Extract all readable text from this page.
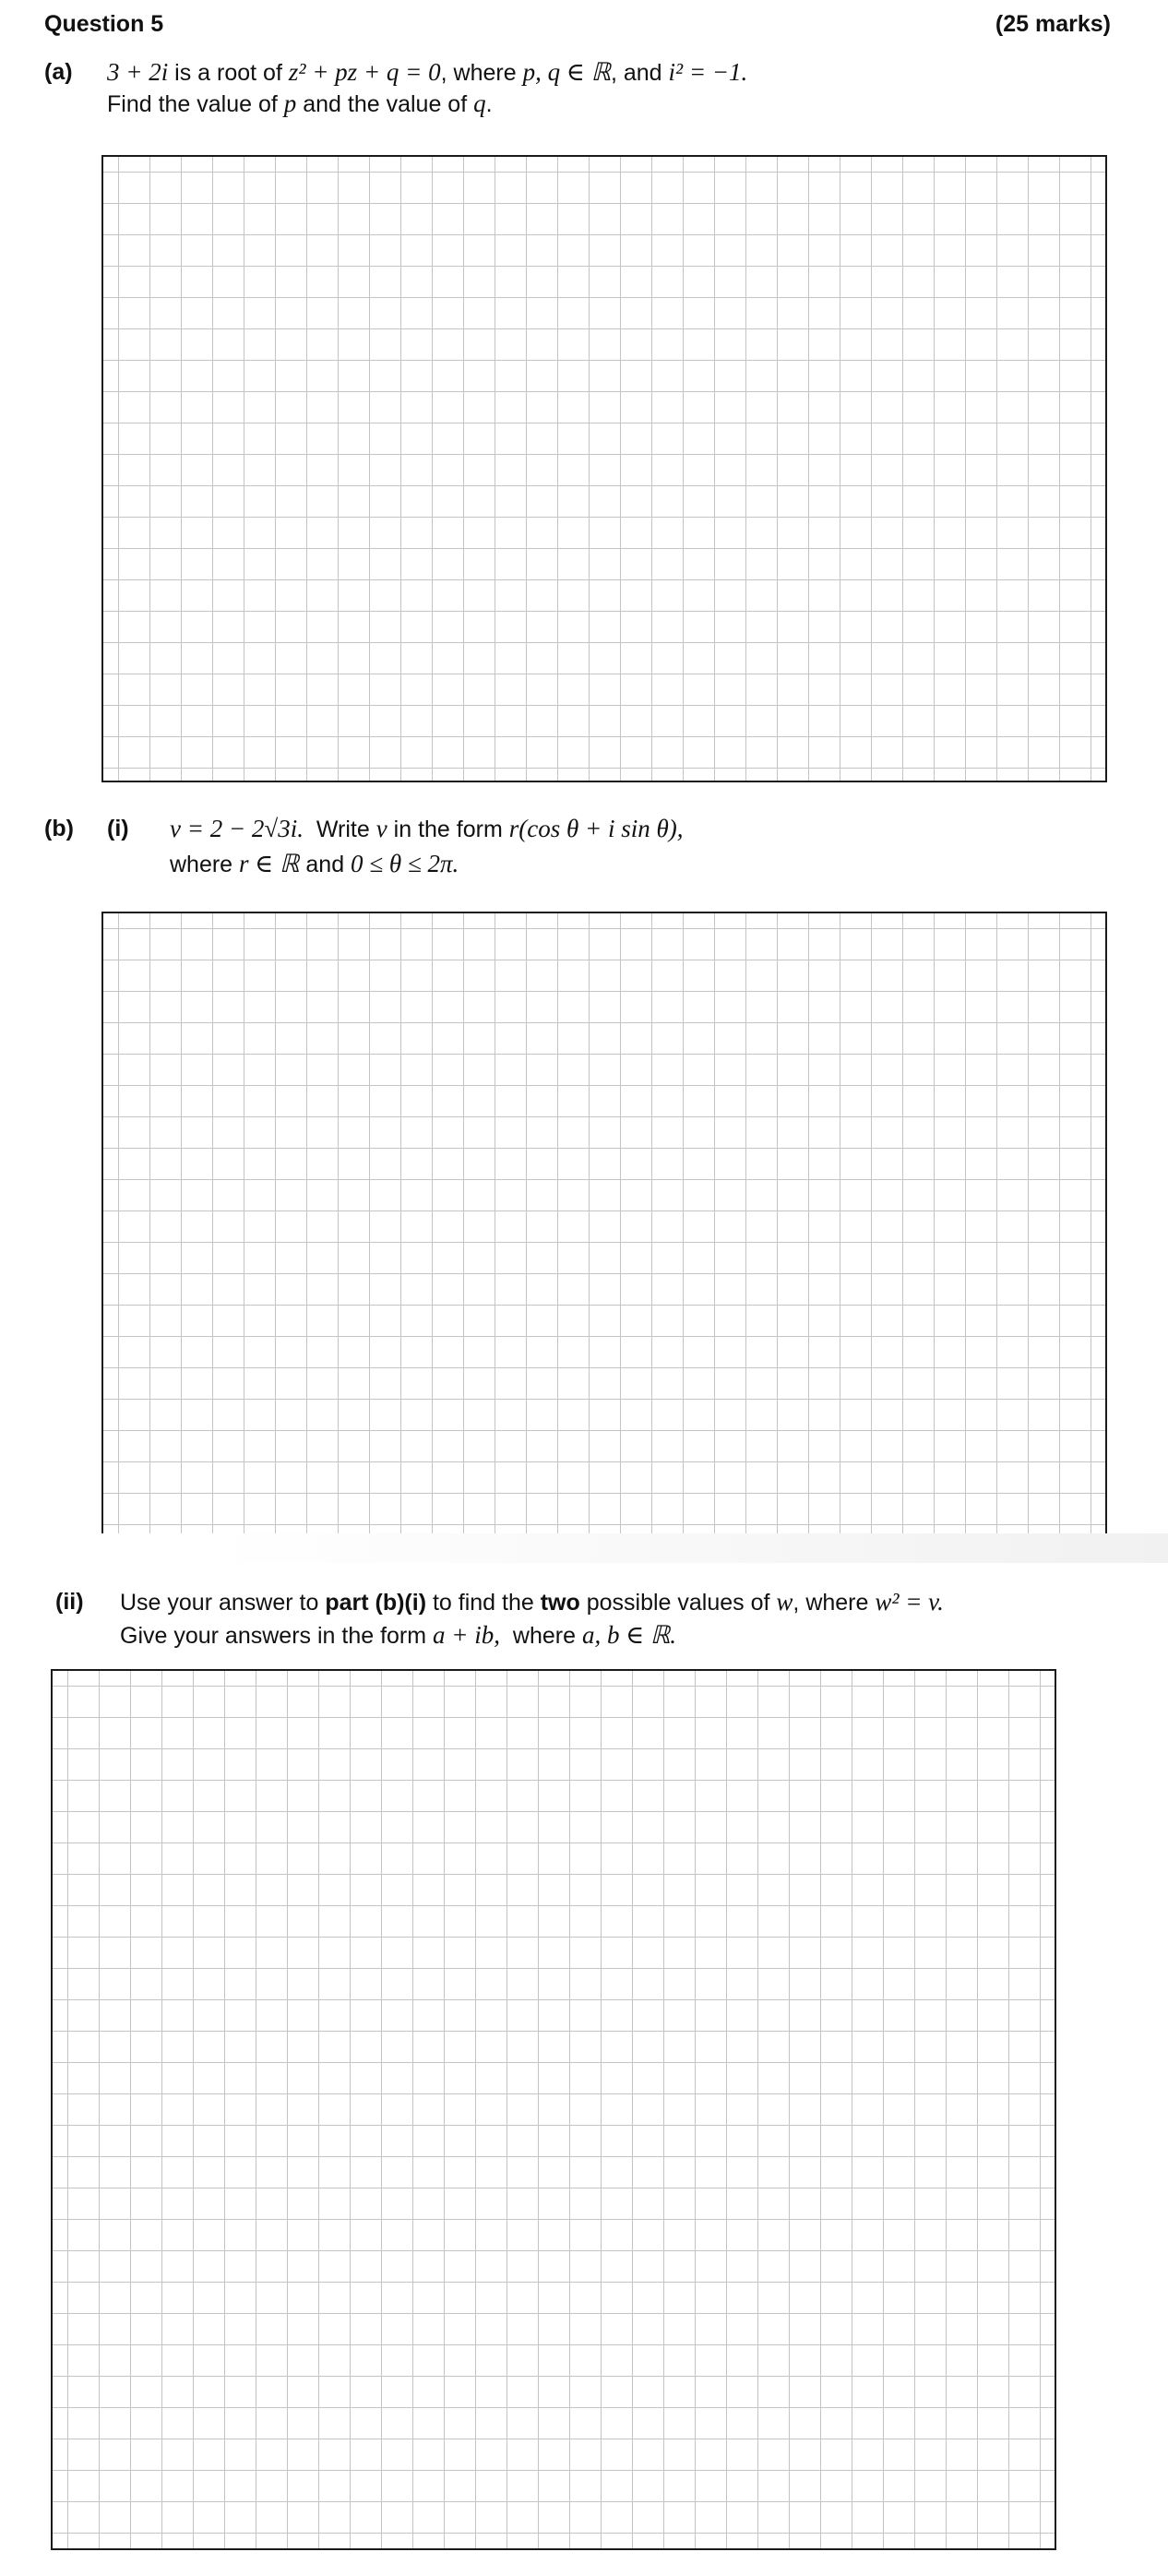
Question 5	(25 marks)
(a) 3 + 2i is a root of z² + pz + q = 0, where p, q ∈ ℝ, and i² = −1.
Find the value of p and the value of q.
(b) (i) v = 2 − 2√3i. Write v in the form r(cos θ + i sin θ),
where r ∈ ℝ and 0 ≤ θ ≤ 2π.
(ii) Use your answer to part (b)(i) to find the two possible values of w, where w² = v.
Give your answers in the form a + ib,  where a, b ∈ ℝ.
